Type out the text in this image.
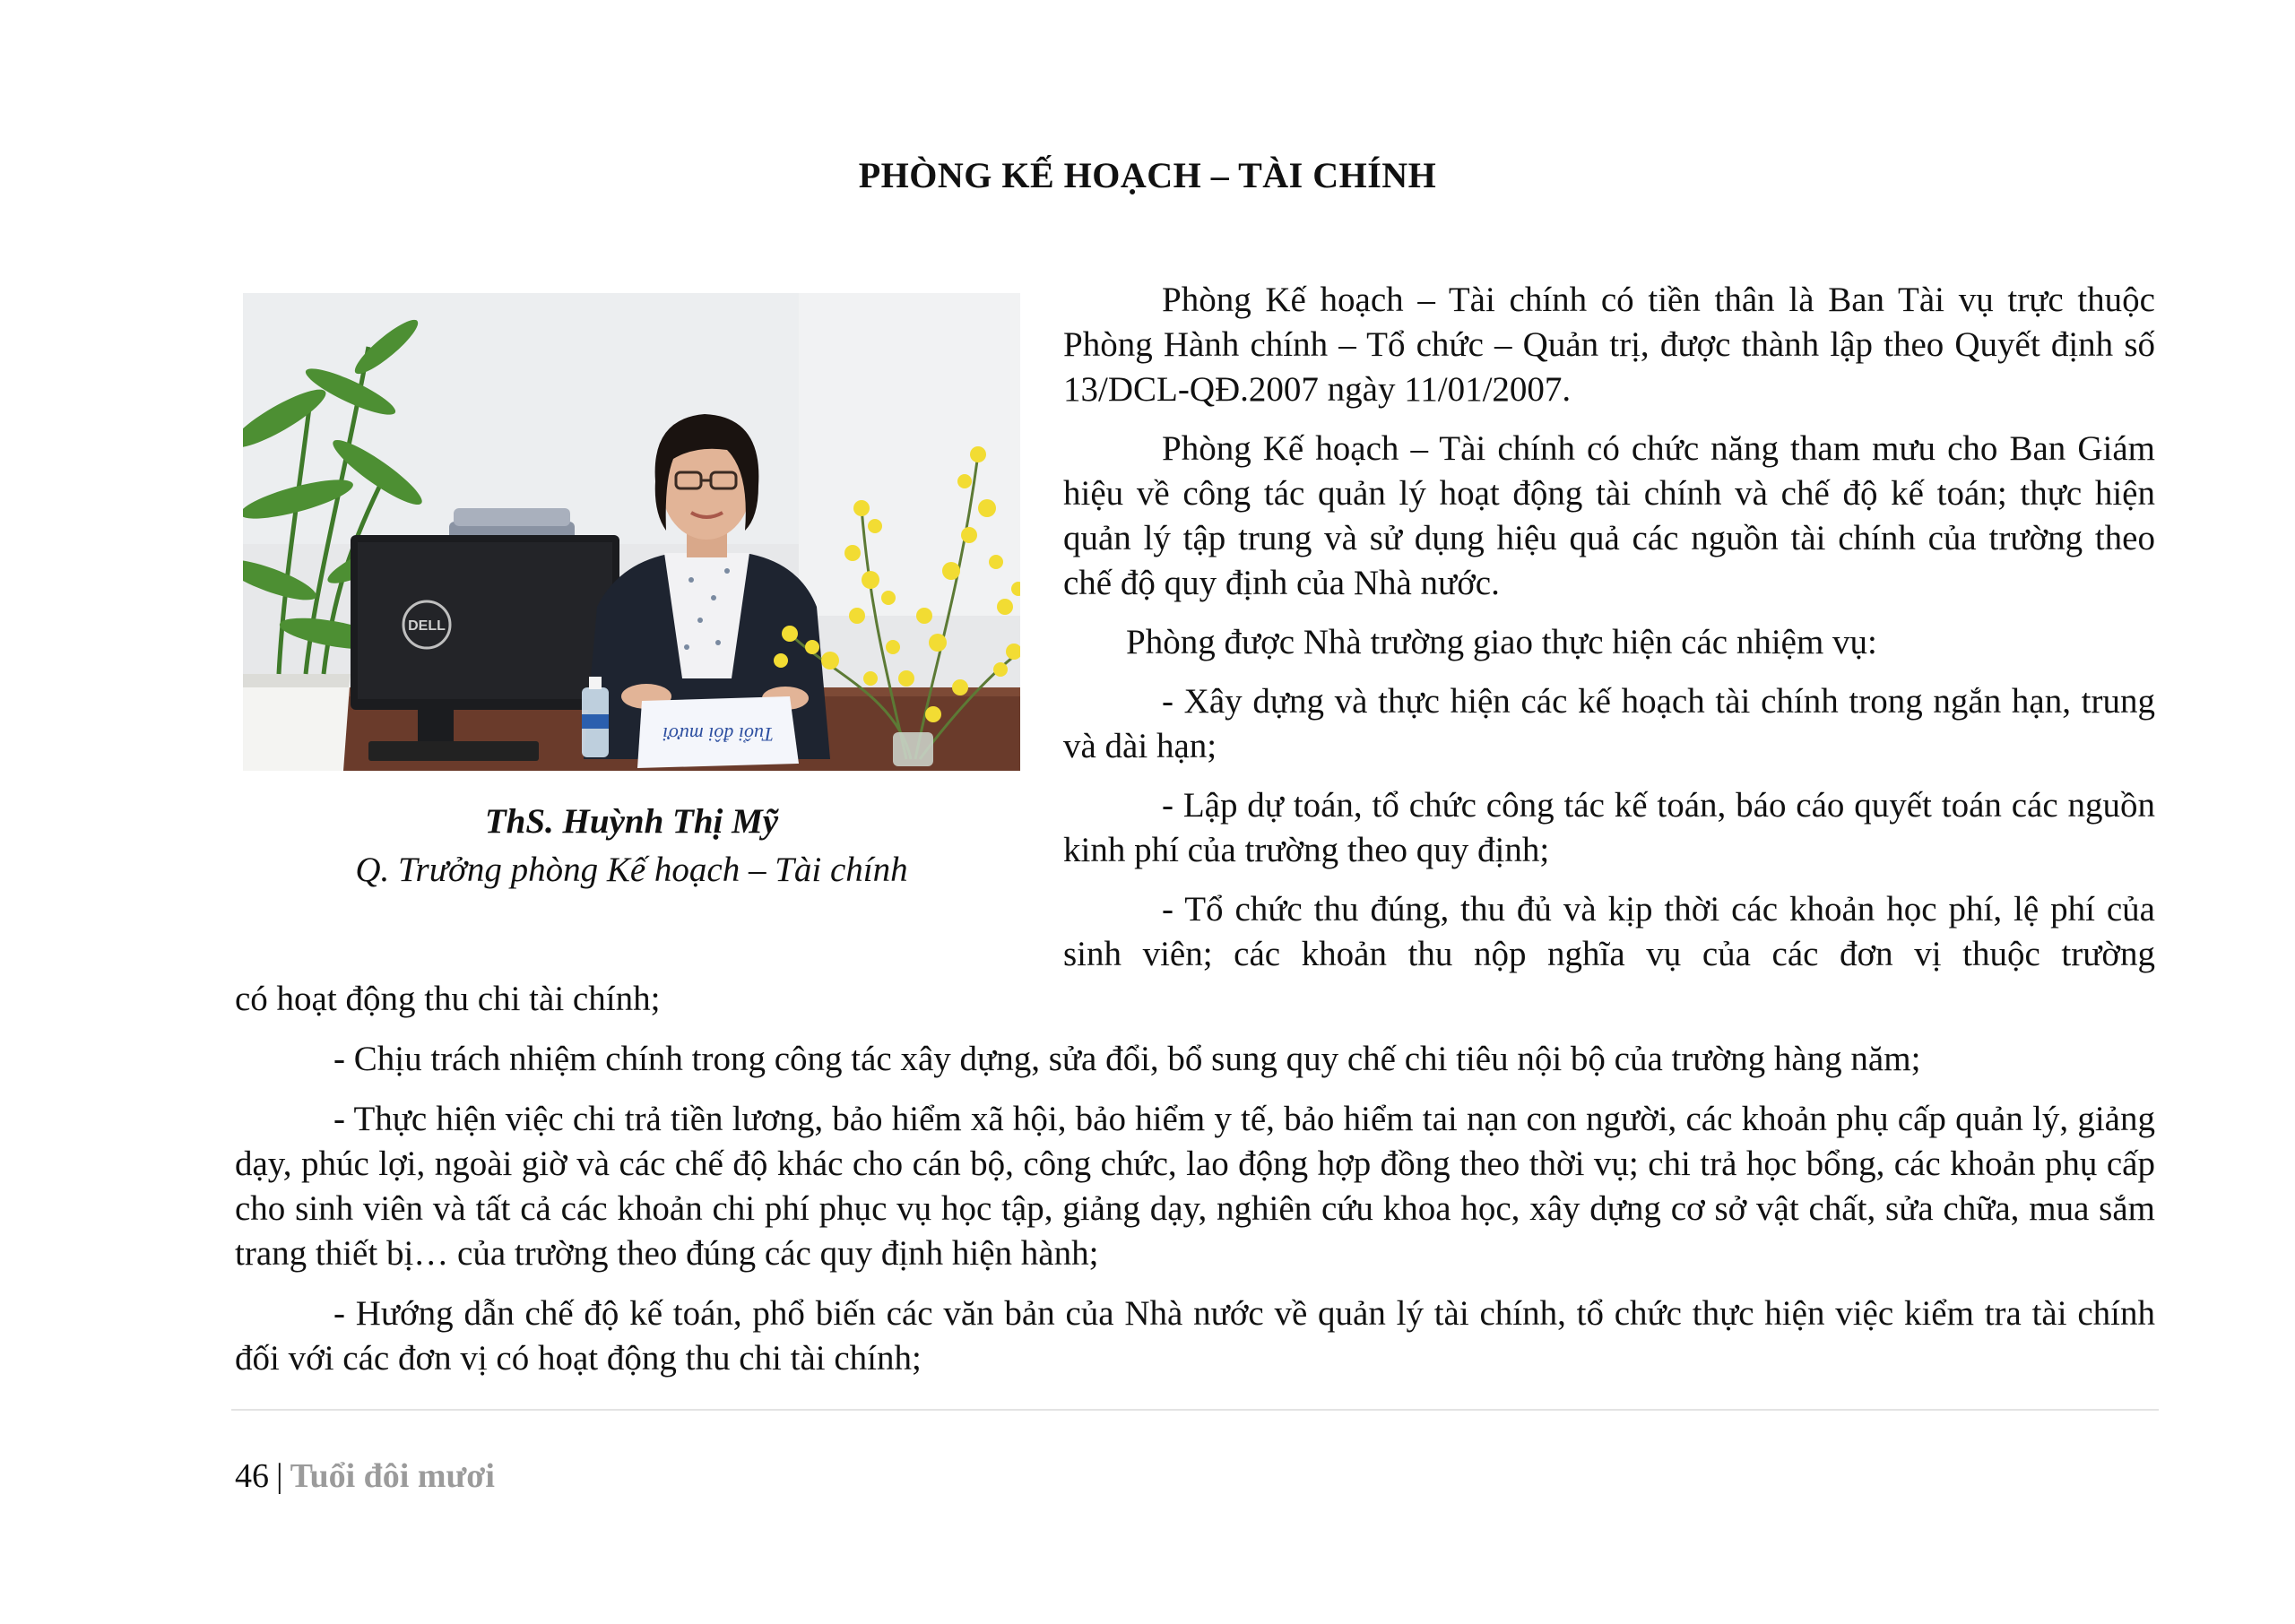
PHÒNG KẾ HOẠCH – TÀI CHÍNH
DELL
Tuổi đôi mươi
ThS. Huỳnh Thị Mỹ
Q. Trưởng phòng Kế hoạch – Tài chính

Phòng Kế hoạch – Tài chính có tiền thân là Ban Tài vụ trực thuộc Phòng Hành chính – Tổ chức – Quản trị, được thành lập theo Quyết định số 13/DCL-QĐ.2007 ngày 11/01/2007.

Phòng Kế hoạch – Tài chính có chức năng tham mưu cho Ban Giám hiệu về công tác quản lý hoạt động tài chính và chế độ kế toán; thực hiện quản lý tập trung và sử dụng hiệu quả các nguồn tài chính của trường theo chế độ quy định của Nhà nước.

Phòng được Nhà trường giao thực hiện các nhiệm vụ:

- Xây dựng và thực hiện các kế hoạch tài chính trong ngắn hạn, trung và dài hạn;

- Lập dự toán, tổ chức công tác kế toán, báo cáo quyết toán các nguồn kinh phí của trường theo quy định;

- Tổ chức thu đúng, thu đủ và kịp thời các khoản học phí, lệ phí của sinh viên; các khoản thu nộp nghĩa vụ của các đơn vị thuộc trường

có hoạt động thu chi tài chính;

- Chịu trách nhiệm chính trong công tác xây dựng, sửa đổi, bổ sung quy chế chi tiêu nội bộ của trường hàng năm;

- Thực hiện việc chi trả tiền lương, bảo hiểm xã hội, bảo hiểm y tế, bảo hiểm tai nạn con người, các khoản phụ cấp quản lý, giảng dạy, phúc lợi, ngoài giờ và các chế độ khác cho cán bộ, công chức, lao động hợp đồng theo thời vụ; chi trả học bổng, các khoản phụ cấp cho sinh viên và tất cả các khoản chi phí phục vụ học tập, giảng dạy, nghiên cứu khoa học, xây dựng cơ sở vật chất, sửa chữa, mua sắm trang thiết bị… của trường theo đúng các quy định hiện hành;

- Hướng dẫn chế độ kế toán, phổ biến các văn bản của Nhà nước về quản lý tài chính, tổ chức thực hiện việc kiểm tra tài chính đối với các đơn vị có hoạt động thu chi tài chính;

46 | Tuổi đôi mươi
